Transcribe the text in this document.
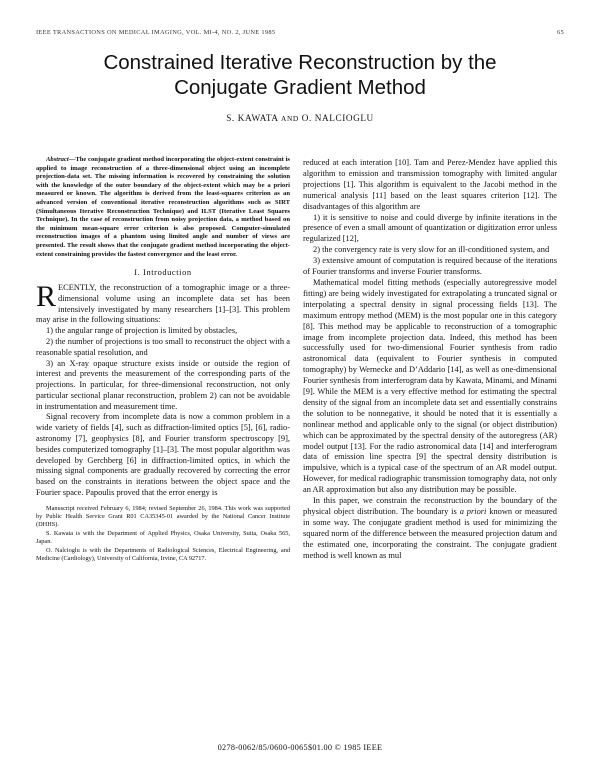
IEEE TRANSACTIONS ON MEDICAL IMAGING, VOL. MI-4, NO. 2, JUNE 1985	65
Constrained Iterative Reconstruction by the
Conjugate Gradient Method
S. KAWATA AND O. NALCIOGLU

Abstract—The conjugate gradient method incorporating the object-extent constraint is applied to image reconstruction of a three-dimensional object using an incomplete projection-data set. The missing information is recovered by constraining the solution with the knowledge of the outer boundary of the object-extent which may be a priori measured or known. The algorithm is derived from the least-squares criterion as an advanced version of conventional iterative reconstruction algorithms such as SIRT (Simultaneous Iterative Reconstruction Technique) and ILST (Iterative Least Squares Technique). In the case of reconstruction from noisy projection data, a method based on the minimum mean-square error criterion is also proposed. Computer-simulated reconstruction images of a phantom using limited angle and number of views are presented. The result shows that the conjugate gradient method incorporating the object-extent constraining provides the fastest convergence and the least error.

I. Introduction

RECENTLY, the reconstruction of a tomographic image or a three-dimensional volume using an incomplete data set has been intensively investigated by many researchers [1]–[3]. This problem may arise in the following situations:

1) the angular range of projection is limited by obstacles,

2) the number of projections is too small to reconstruct the object with a reasonable spatial resolution, and

3) an X-ray opaque structure exists inside or outside the region of interest and prevents the measurement of the corresponding parts of the projections. In particular, for three-dimensional reconstruction, not only particular sectional planar reconstruction, problem 2) can not be avoidable in instrumentation and measurement time.

Signal recovery from incomplete data is now a common problem in a wide variety of fields [4], such as diffraction-limited optics [5], [6], radio-astronomy [7], geophysics [8], and Fourier transform spectroscopy [9], besides computerized tomography [1]–[3]. The most popular algorithm was developed by Gerchberg [6] in diffraction-limited optics, in which the missing signal components are gradually recovered by correcting the error based on the constraints in iterations between the object space and the Fourier space. Papoulis proved that the error energy is

Manuscript received February 6, 1984; revised September 26, 1984. This work was supported by Public Health Service Grant R01 CA35345-01 awarded by the National Cancer Institute (DHHS).

S. Kawata is with the Department of Applied Physics, Osaka University, Suita, Osaka 565, Japan.

O. Nalcioglu is with the Departments of Radiological Sciences, Electrical Engineering, and Medicine (Cardiology), University of California, Irvine, CA 92717.

reduced at each interation [10]. Tam and Perez-Mendez have applied this algorithm to emission and transmission tomography with limited angular projections [1]. This algorithm is equivalent to the Jacobi method in the numerical analysis [11] based on the least squares criterion [12]. The disadvantages of this algorithm are

1) it is sensitive to noise and could diverge by infinite iterations in the presence of even a small amount of quantization or digitization error unless regularized [12],

2) the convergency rate is very slow for an ill-conditioned system, and

3) extensive amount of computation is required because of the iterations of Fourier transforms and inverse Fourier transforms.

Mathematical model fitting methods (especially autoregressive model fitting) are being widely investigated for extrapolating a truncated signal or interpolating a spectral density in signal processing fields [13]. The maximum entropy method (MEM) is the most popular one in this category [8]. This method may be applicable to reconstruction of a tomographic image from incomplete projection data. Indeed, this method has been successfully used for two-dimensional Fourier synthesis from radio astronomical data (equivalent to Fourier synthesis in computed tomography) by Wernecke and D’Addario [14], as well as one-dimensional Fourier synthesis from interferogram data by Kawata, Minami, and Minami [9]. While the MEM is a very effective method for estimating the spectral density of the signal from an incomplete data set and essentially constrains the solution to be nonnegative, it should be noted that it is essentially a nonlinear method and applicable only to the signal (or object distribution) which can be approximated by the spectral density of the autoregress (AR) model output [13]. For the radio astronomical data [14] and interferogram data of emission line spectra [9] the spectral density distribution is impulsive, which is a typical case of the spectrum of an AR model output. However, for medical radiographic transmission tomography data, not only an AR approximation but also any distribution may be possible.

In this paper, we constrain the reconstruction by the boundary of the physical object distribution. The boundary is a priori known or measured in some way. The conjugate gradient method is used for minimizing the squared norm of the difference between the measured projection datum and the estimated one, incorporating the constraint. The conjugate gradient method is well known as mul

0278-0062/85/0600-0065$01.00 © 1985 IEEE
